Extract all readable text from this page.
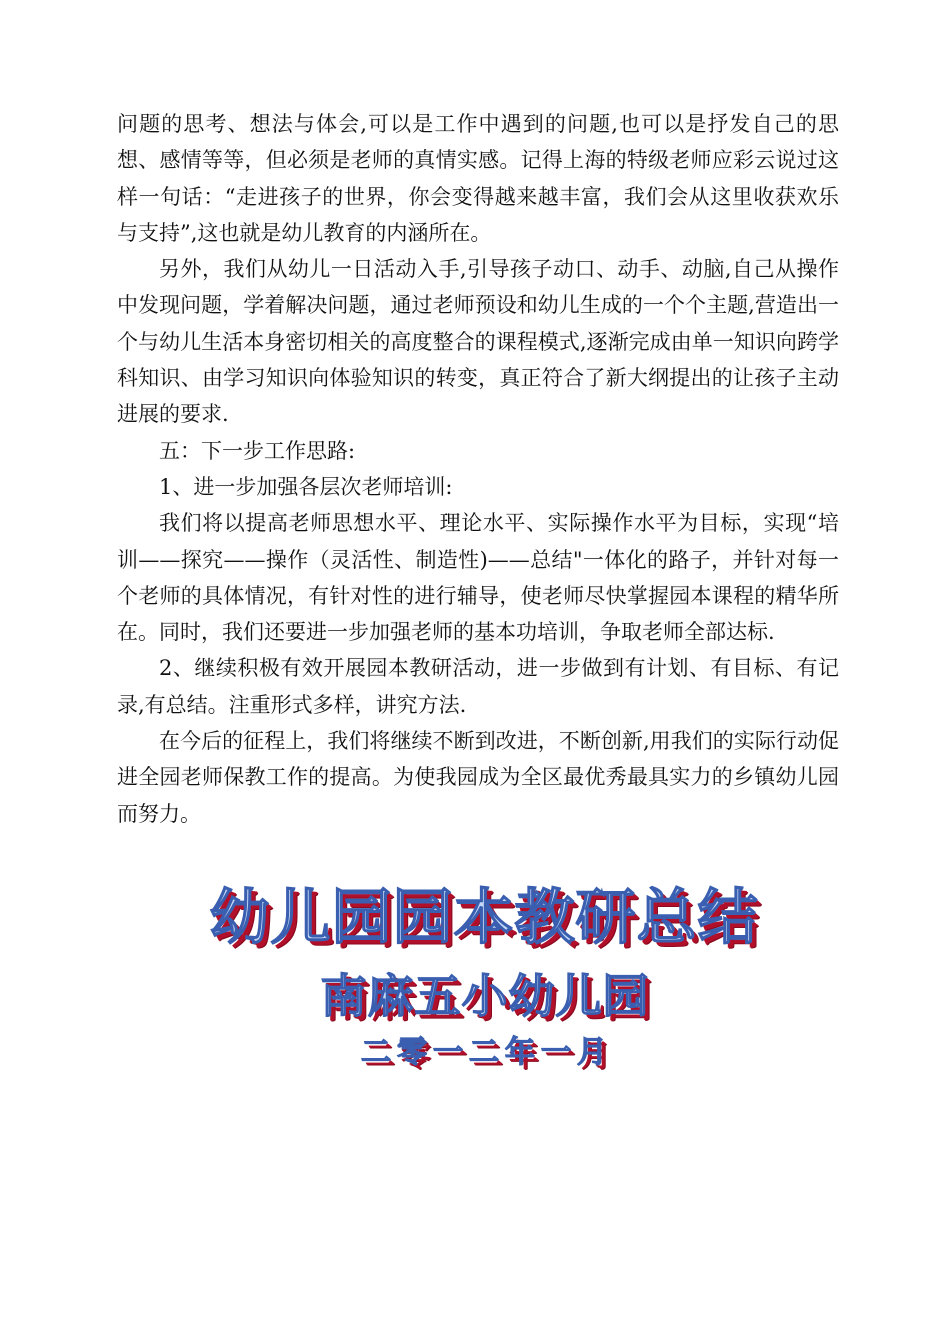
问题的思考、想法与体会,可以是工作中遇到的问题,也可以是抒发自己的思想、感情等等，但必须是老师的真情实感。记得上海的特级老师应彩云说过这样一句话：“走进孩子的世界，你会变得越来越丰富，我们会从这里收获欢乐与支持”,这也就是幼儿教育的内涵所在。

另外，我们从幼儿一日活动入手,引导孩子动口、动手、动脑,自己从操作中发现问题，学着解决问题，通过老师预设和幼儿生成的一个个主题,营造出一个与幼儿生活本身密切相关的高度整合的课程模式,逐渐完成由单一知识向跨学科知识、由学习知识向体验知识的转变，真正符合了新大纲提出的让孩子主动进展的要求.

五：下一步工作思路:

1、进一步加强各层次老师培训:

我们将以提高老师思想水平、理论水平、实际操作水平为目标，实现“培训——探究——操作（灵活性、制造性)——总结"一体化的路子，并针对每一个老师的具体情况，有针对性的进行辅导，使老师尽快掌握园本课程的精华所在。同时，我们还要进一步加强老师的基本功培训，争取老师全部达标.

2、继续积极有效开展园本教研活动，进一步做到有计划、有目标、有记录,有总结。注重形式多样，讲究方法.

在今后的征程上，我们将继续不断到改进，不断创新,用我们的实际行动促进全园老师保教工作的提高。为使我园成为全区最优秀最具实力的乡镇幼儿园而努力。

幼儿园园本教研总结
南麻五小幼儿园
二零一二年一月
